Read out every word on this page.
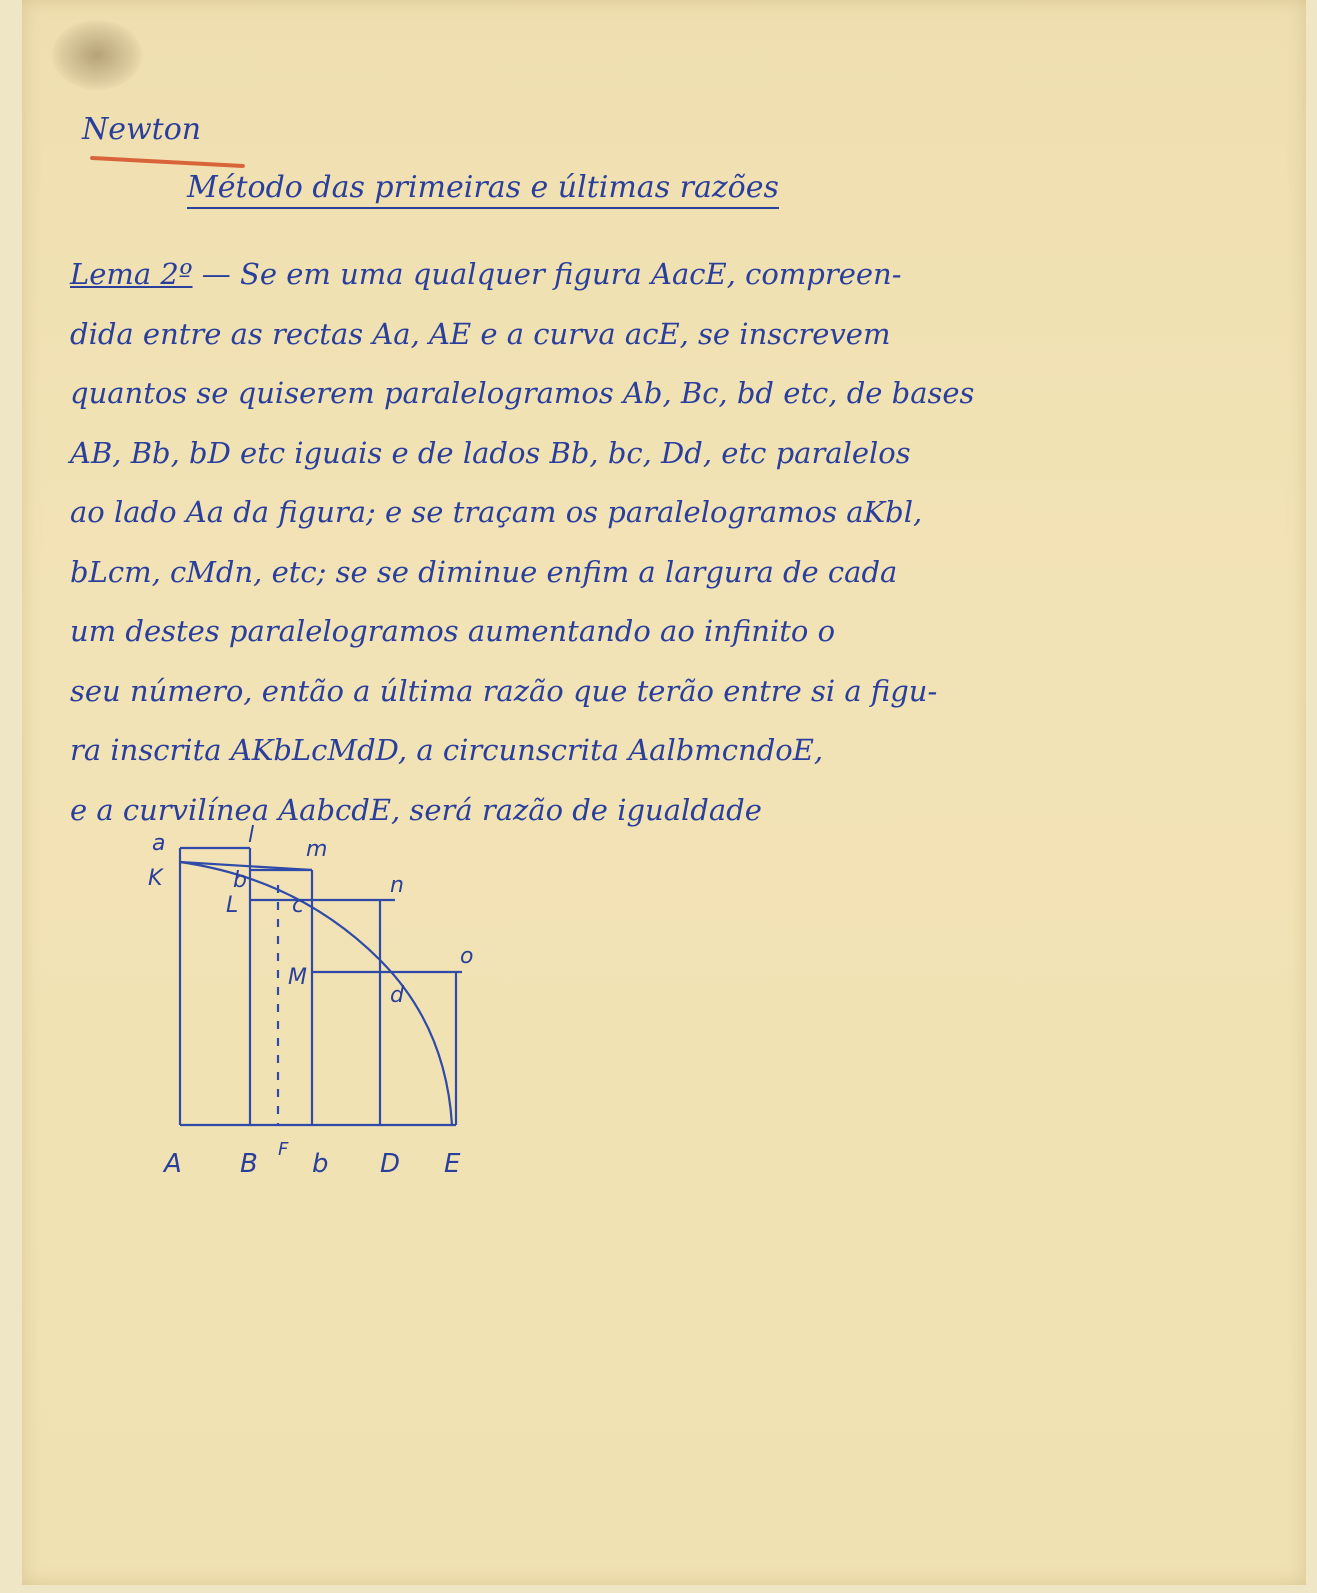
Newton
Método das primeiras e últimas razões
Lema 2º — Se em uma qualquer figura AacE, compreen-
dida entre as rectas Aa, AE e a curva acE, se inscrevem
quantos se quiserem paralelogramos Ab, Bc, bd etc, de bases
AB, Bb, bD etc iguais e de lados Bb, bc, Dd, etc paralelos
ao lado Aa da figura; e se traçam os paralelogramos aKbl,
bLcm, cMdn, etc; se se diminue enfim a largura de cada
um destes paralelogramos aumentando ao infinito o
seu número, então a última razão que terão entre si a figu-
ra inscrita AKbLcMdD, a circunscrita AalbmcndoE,
e a curvilínea AabcdE, será razão de igualdade
a	l
m
n
o
K
L
M
b
c
d
A B F b D E
